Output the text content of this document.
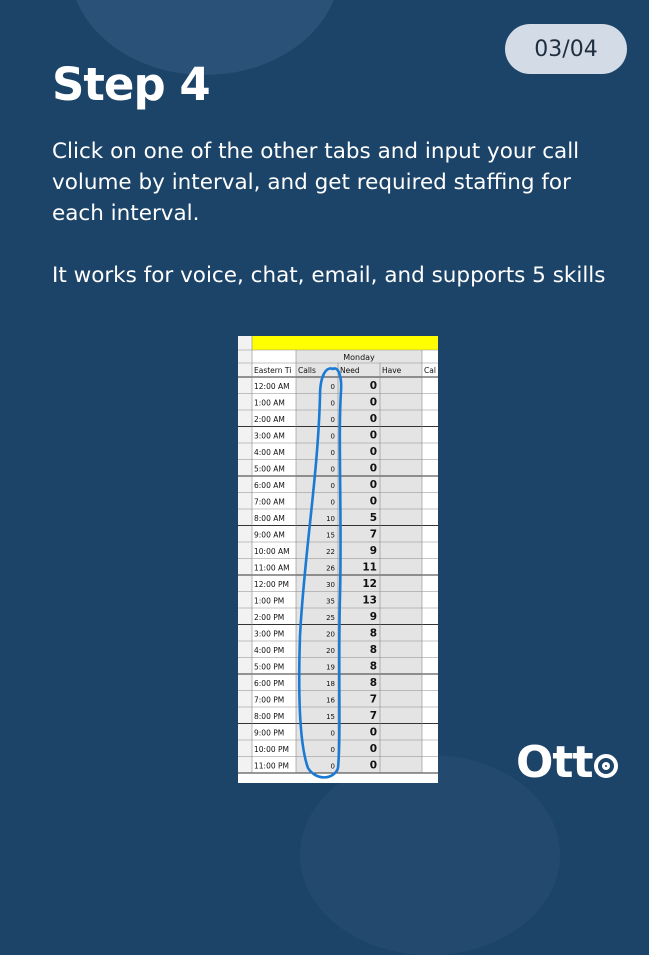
03/04
Step 4

Click on one of the other tabs and input your call volume by interval, and get required staffing for each interval.

It works for voice, chat, email, and supports 5 skills

Monday
Eastern Ti Calls	Need	Have	Cal
12:00 AM	0	0
1:00 AM	0	0
2:00 AM	0	0
3:00 AM	0	0
4:00 AM	0	0
5:00 AM	0	0
6:00 AM	0	0
7:00 AM	0	0
8:00 AM	10	5
9:00 AM	15	7
10:00 AM	22	9
11:00 AM	26	11
12:00 PM	30	12
1:00 PM	35	13
2:00 PM	25	9
3:00 PM	20	8
4:00 PM	20	8
5:00 PM	19	8
6:00 PM	18	8
7:00 PM	16	7
8:00 PM	15	7
9:00 PM	0	0
10:00 PM	0	0
11:00 PM	0	0	Ott
